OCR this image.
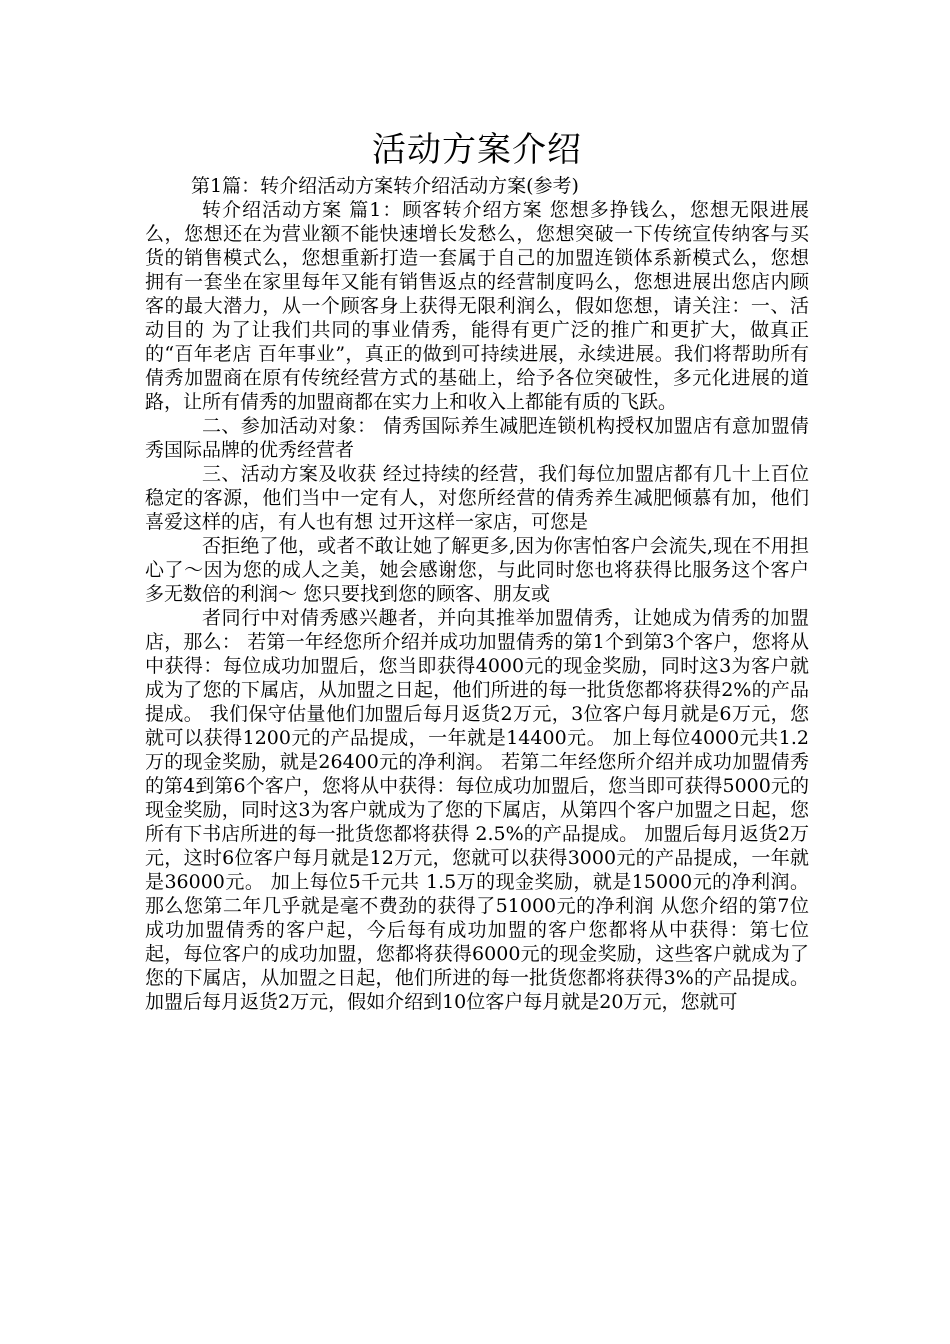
活动方案介绍
第1篇：转介绍活动方案转介绍活动方案(参考)

转介绍活动方案 篇1：顾客转介绍方案 您想多挣钱么，您想无限进展么，您想还在为营业额不能快速增长发愁么，您想突破一下传统宣传纳客与买货的销售模式么，您想重新打造一套属于自己的加盟连锁体系新模式么，您想拥有一套坐在家里每年又能有销售返点的经营制度吗么，您想进展出您店内顾客的最大潜力，从一个顾客身上获得无限利润么，假如您想，请关注：一、活动目的 为了让我们共同的事业倩秀，能得有更广泛的推广和更扩大，做真正的“百年老店 百年事业”，真正的做到可持续进展，永续进展。我们将帮助所有倩秀加盟商在原有传统经营方式的基础上，给予各位突破性，多元化进展的道路，让所有倩秀的加盟商都在实力上和收入上都能有质的飞跃。

二、参加活动对象： 倩秀国际养生减肥连锁机构授权加盟店有意加盟倩秀国际品牌的优秀经营者

三、活动方案及收获 经过持续的经营，我们每位加盟店都有几十上百位稳定的客源，他们当中一定有人，对您所经营的倩秀养生减肥倾慕有加，他们喜爱这样的店，有人也有想 过开这样一家店，可您是

否拒绝了他，或者不敢让她了解更多,因为你害怕客户会流失,现在不用担心了～因为您的成人之美，她会感谢您，与此同时您也将获得比服务这个客户多无数倍的利润～ 您只要找到您的顾客、朋友或

者同行中对倩秀感兴趣者，并向其推举加盟倩秀，让她成为倩秀的加盟店，那么： 若第一年经您所介绍并成功加盟倩秀的第1个到第3个客户，您将从中获得：每位成功加盟后，您当即获得4000元的现金奖励，同时这3为客户就成为了您的下属店，从加盟之日起，他们所进的每一批货您都将获得2%的产品提成。 我们保守估量他们加盟后每月返货2万元，3位客户每月就是6万元，您就可以获得1200元的产品提成，一年就是14400元。 加上每位4000元共1.2万的现金奖励，就是26400元的净利润。 若第二年经您所介绍并成功加盟倩秀的第4到第6个客户，您将从中获得：每位成功加盟后，您当即可获得5000元的现金奖励，同时这3为客户就成为了您的下属店，从第四个客户加盟之日起，您所有下书店所进的每一批货您都将获得 2.5%的产品提成。 加盟后每月返货2万元，这时6位客户每月就是12万元，您就可以获得3000元的产品提成，一年就是36000元。 加上每位5千元共 1.5万的现金奖励，就是15000元的净利润。那么您第二年几乎就是毫不费劲的获得了51000元的净利润 从您介绍的第7位成功加盟倩秀的客户起，今后每有成功加盟的客户您都将从中获得：第七位起，每位客户的成功加盟，您都将获得6000元的现金奖励，这些客户就成为了您的下属店，从加盟之日起，他们所进的每一批货您都将获得3%的产品提成。 加盟后每月返货2万元，假如介绍到10位客户每月就是20万元，您就可
